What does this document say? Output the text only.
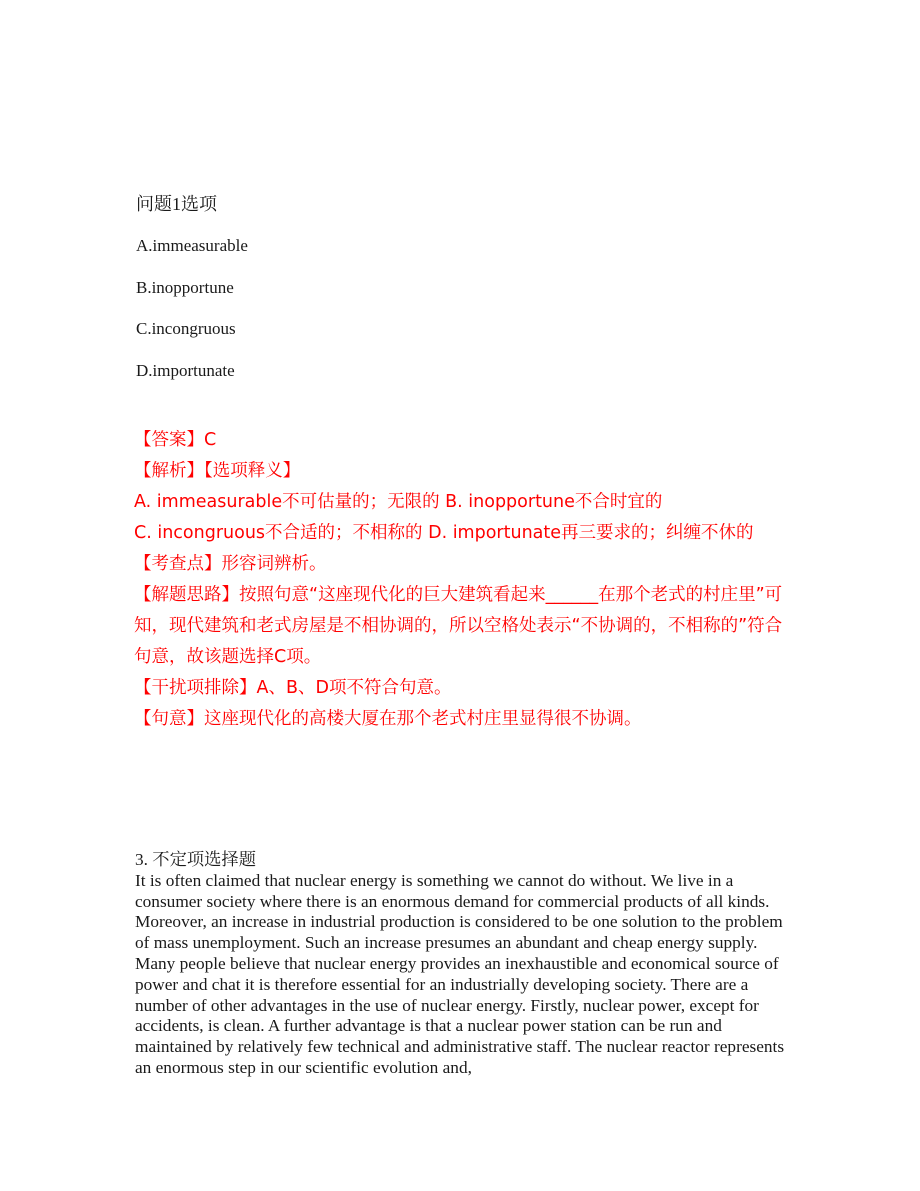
问题1选项
A.immeasurable
B.inopportune
C.incongruous
D.importunate

【答案】C

【解析】【选项释义】

A. immeasurable不可估量的；无限的 B. inopportune不合时宜的

C. incongruous不合适的；不相称的 D. importunate再三要求的；纠缠不休的

【考查点】形容词辨析。

【解题思路】按照句意“这座现代化的巨大建筑看起来______在那个老式的村庄里”可知，现代建筑和老式房屋是不相协调的，所以空格处表示“不协调的，不相称的”符合句意，故该题选择C项。

【干扰项排除】A、B、D项不符合句意。

【句意】这座现代化的高楼大厦在那个老式村庄里显得很不协调。

3. 不定项选择题

It is often claimed that nuclear energy is something we cannot do without. We live in a consumer society where there is an enormous demand for commercial products of all kinds. Moreover, an increase in industrial production is considered to be one solution to the problem of mass unemployment. Such an increase presumes an abundant and cheap energy supply. Many people believe that nuclear energy provides an inexhaustible and economical source of power and chat it is therefore essential for an industrially developing society. There are a number of other advantages in the use of nuclear energy. Firstly, nuclear power, except for accidents, is clean. A further advantage is that a nuclear power station can be run and maintained by relatively few technical and administrative staff. The nuclear reactor represents an enormous step in our scientific evolution and,
